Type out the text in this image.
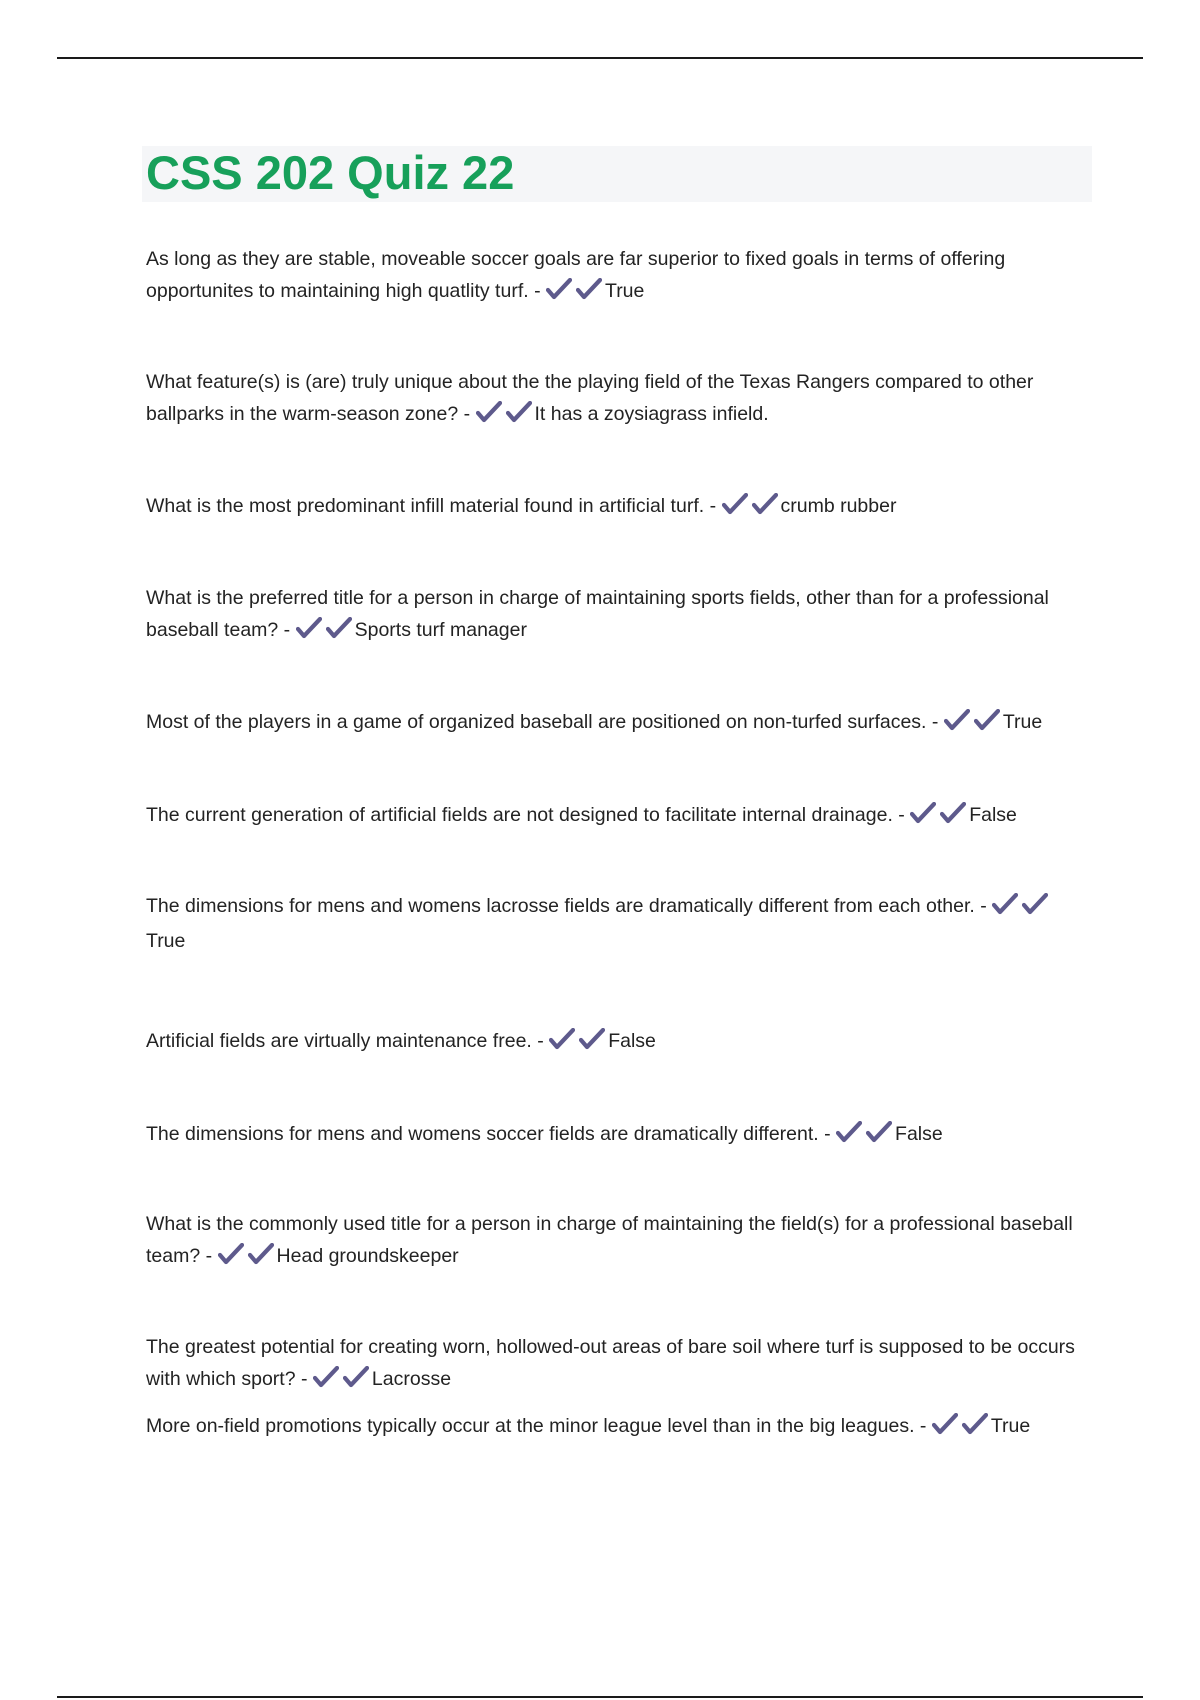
CSS 202 Quiz 22

As long as they are stable, moveable soccer goals are far superior to fixed goals in terms of offering opportunites to maintaining high quatlity turf. -	True

What feature(s) is (are) truly unique about the the playing field of the Texas Rangers compared to other ballparks in the warm-season zone? -	It has a zoysiagrass infield.

What is the most predominant infill material found in artificial turf. -	crumb rubber

What is the preferred title for a person in charge of maintaining sports fields, other than for a professional baseball team? -	Sports turf manager

Most of the players in a game of organized baseball are positioned on non-turfed surfaces. -	True

The current generation of artificial fields are not designed to facilitate internal drainage. -	False

The dimensions for mens and womens lacrosse fields are dramatically different from each other. - True

Artificial fields are virtually maintenance free. -	False

The dimensions for mens and womens soccer fields are dramatically different. -	False

What is the commonly used title for a person in charge of maintaining the field(s) for a professional baseball team? -	Head groundskeeper

The greatest potential for creating worn, hollowed-out areas of bare soil where turf is supposed to be occurs with which sport? -	Lacrosse

More on-field promotions typically occur at the minor league level than in the big leagues. -	True
